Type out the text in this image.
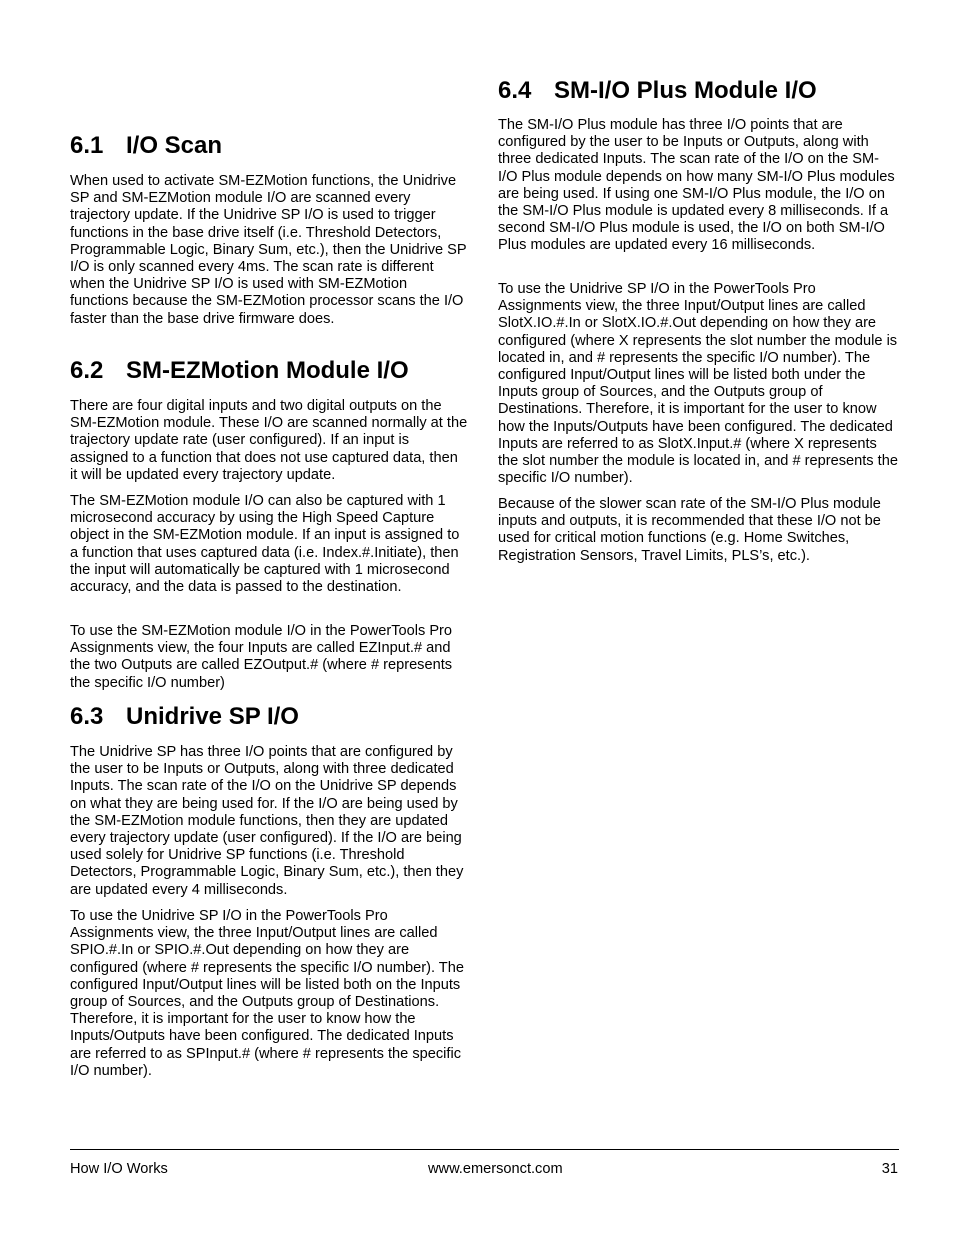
6.1 I/O Scan

When used to activate SM-EZMotion functions, the Unidrive SP and SM-EZMotion module I/O are scanned every trajectory update. If the Unidrive SP I/O is used to trigger functions in the base drive itself (i.e. Threshold Detectors, Programmable Logic, Binary Sum, etc.), then the Unidrive SP I/O is only scanned every 4ms. The scan rate is different when the Unidrive SP I/O is used with SM-EZMotion functions because the SM-EZMotion processor scans the I/O faster than the base drive firmware does.

6.2 SM-EZMotion Module I/O

There are four digital inputs and two digital outputs on the SM-EZMotion module. These I/O are scanned normally at the trajectory update rate (user configured). If an input is assigned to a function that does not use captured data, then it will be updated every trajectory update.

The SM-EZMotion module I/O can also be captured with 1 microsecond accuracy by using the High Speed Capture object in the SM-EZMotion module. If an input is assigned to a function that uses captured data (i.e. Index.#.Initiate), then the input will automatically be captured with 1 microsecond accuracy, and the data is passed to the destination.

To use the SM-EZMotion module I/O in the PowerTools Pro Assignments view, the four Inputs are called EZInput.# and the two Outputs are called EZOutput.# (where # represents the specific I/O number)

6.3 Unidrive SP I/O

The Unidrive SP has three I/O points that are configured by the user to be Inputs or Outputs, along with three dedicated Inputs. The scan rate of the I/O on the Unidrive SP depends on what they are being used for. If the I/O are being used by the SM-EZMotion module functions, then they are updated every trajectory update (user configured). If the I/O are being used solely for Unidrive SP functions (i.e. Threshold Detectors, Programmable Logic, Binary Sum, etc.), then they are updated every 4 milliseconds.

To use the Unidrive SP I/O in the PowerTools Pro Assignments view, the three Input/Output lines are called SPIO.#.In or SPIO.#.Out depending on how they are configured (where # represents the specific I/O number). The configured Input/Output lines will be listed both on the Inputs group of Sources, and the Outputs group of Destinations. Therefore, it is important for the user to know how the Inputs/Outputs have been configured. The dedicated Inputs are referred to as SPInput.# (where # represents the specific I/O number).

6.4 SM-I/O Plus Module I/O

The SM-I/O Plus module has three I/O points that are configured by the user to be Inputs or Outputs, along with three dedicated Inputs. The scan rate of the I/O on the SM-I/O Plus module depends on how many SM-I/O Plus modules are being used. If using one SM-I/O Plus module, the I/O on the SM-I/O Plus module is updated every 8 milliseconds. If a second SM-I/O Plus module is used, the I/O on both SM-I/O Plus modules are updated every 16 milliseconds.

To use the Unidrive SP I/O in the PowerTools Pro Assignments view, the three Input/Output lines are called SlotX.IO.#.In or SlotX.IO.#.Out depending on how they are configured (where X represents the slot number the module is located in, and # represents the specific I/O number). The configured Input/Output lines will be listed both under the Inputs group of Sources, and the Outputs group of Destinations. Therefore, it is important for the user to know how the Inputs/Outputs have been configured. The dedicated Inputs are referred to as SlotX.Input.# (where X represents the slot number the module is located in, and # represents the specific I/O number).

Because of the slower scan rate of the SM-I/O Plus module inputs and outputs, it is recommended that these I/O not be used for critical motion functions (e.g. Home Switches, Registration Sensors, Travel Limits, PLS’s, etc.).

How I/O Works	www.emersonct.com	31
